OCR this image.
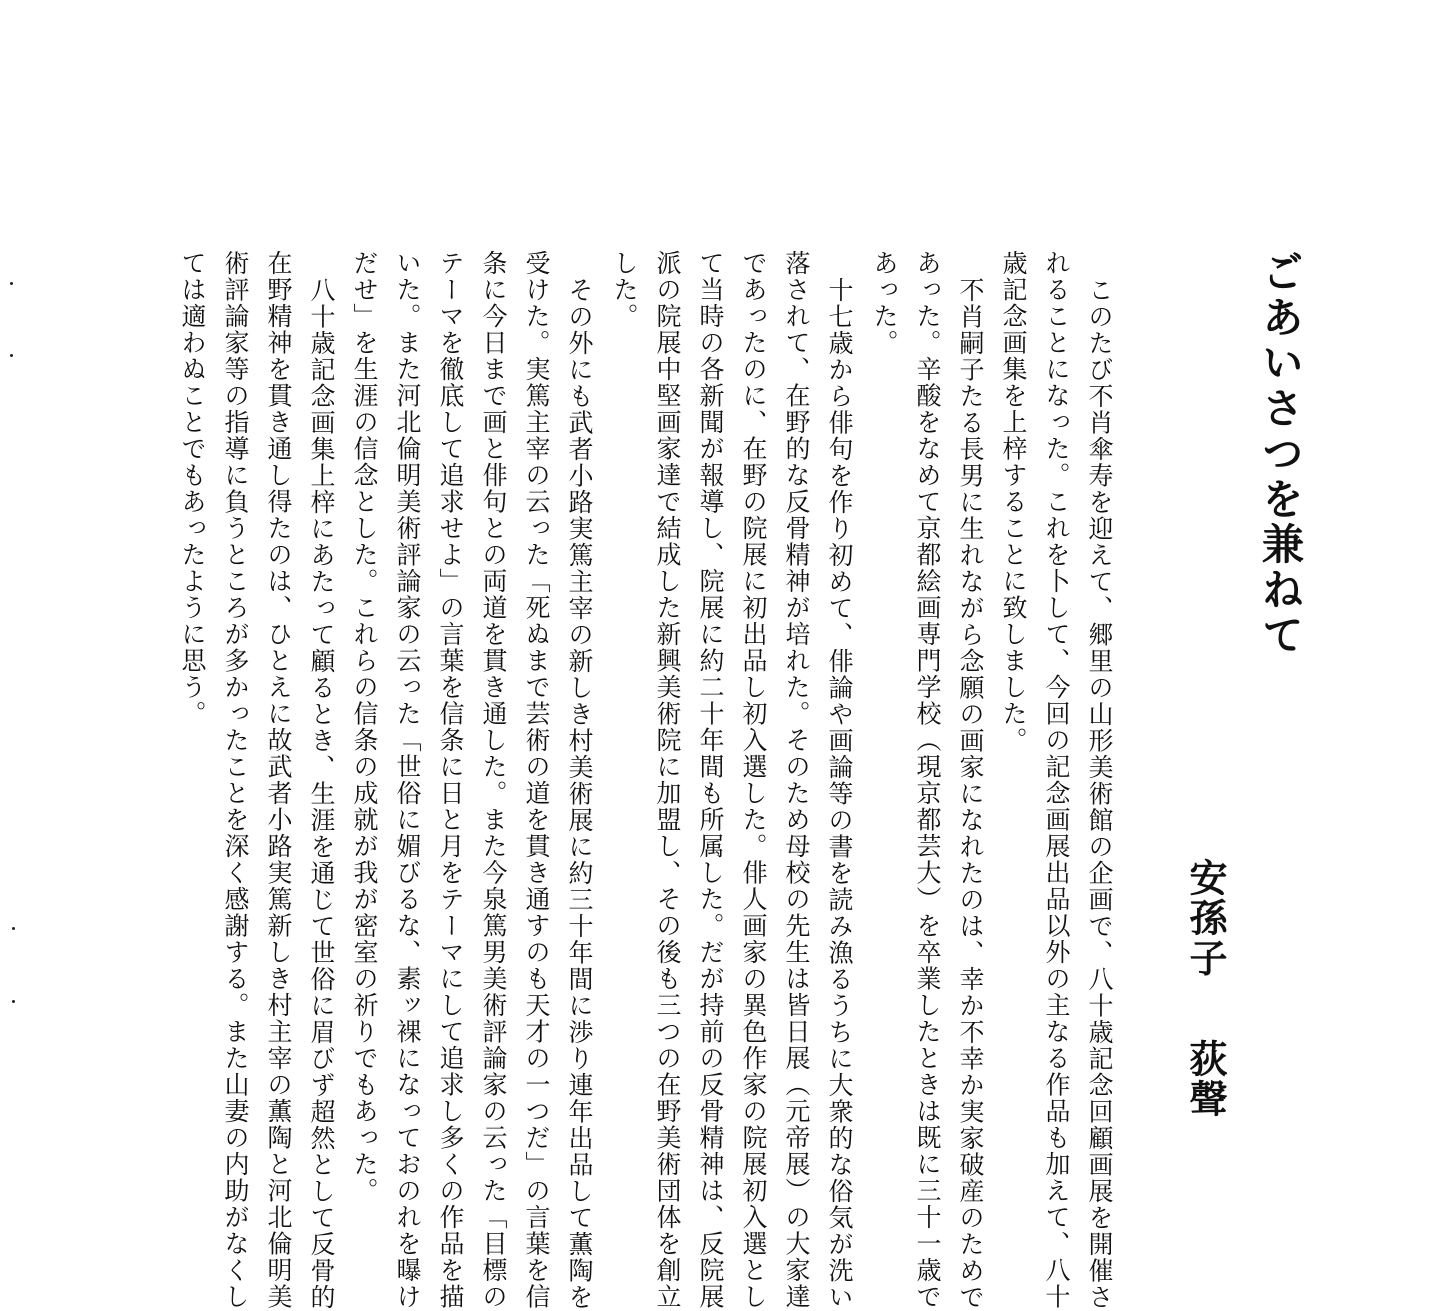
ごあいさつを兼ねて
安孫子荻聲
このたび不肖傘寿を迎えて、郷里の山形美術館の企画で、八十歳記念回顧画展を開催さ
れることになった。これを卜して、今回の記念画展出品以外の主なる作品も加えて、八十
歳記念画集を上梓することに致しました。
不肖嗣子たる長男に生れながら念願の画家になれたのは、幸か不幸か実家破産のためで
あった。辛酸をなめて京都絵画専門学校（現京都芸大）を卒業したときは既に三十一歳で
あった。
十七歳から俳句を作り初めて、俳論や画論等の書を読み漁るうちに大衆的な俗気が洗い
落されて、在野的な反骨精神が培れた。そのため母校の先生は皆日展（元帝展）の大家達
であったのに、在野の院展に初出品し初入選した。俳人画家の異色作家の院展初入選とし
て当時の各新聞が報導し、院展に約二十年間も所属した。だが持前の反骨精神は、反院展
派の院展中堅画家達で結成した新興美術院に加盟し、その後も三つの在野美術団体を創立
した。
その外にも武者小路実篤主宰の新しき村美術展に約三十年間に渉り連年出品して薫陶を
受けた。実篤主宰の云った「死ぬまで芸術の道を貫き通すのも天才の一つだ」の言葉を信
条に今日まで画と俳句との両道を貫き通した。また今泉篤男美術評論家の云った「目標の
テーマを徹底して追求せよ」の言葉を信条に日と月をテーマにして追求し多くの作品を描
いた。また河北倫明美術評論家の云った「世俗に媚びるな、素ッ裸になっておのれを曝け
だせ」を生涯の信念とした。これらの信条の成就が我が密室の祈りでもあった。
八十歳記念画集上梓にあたって顧るとき、生涯を通じて世俗に眉びず超然として反骨的
在野精神を貫き通し得たのは、ひとえに故武者小路実篤新しき村主宰の薫陶と河北倫明美
術評論家等の指導に負うところが多かったことを深く感謝する。また山妻の内助がなくし
ては適わぬことでもあったように思う。
